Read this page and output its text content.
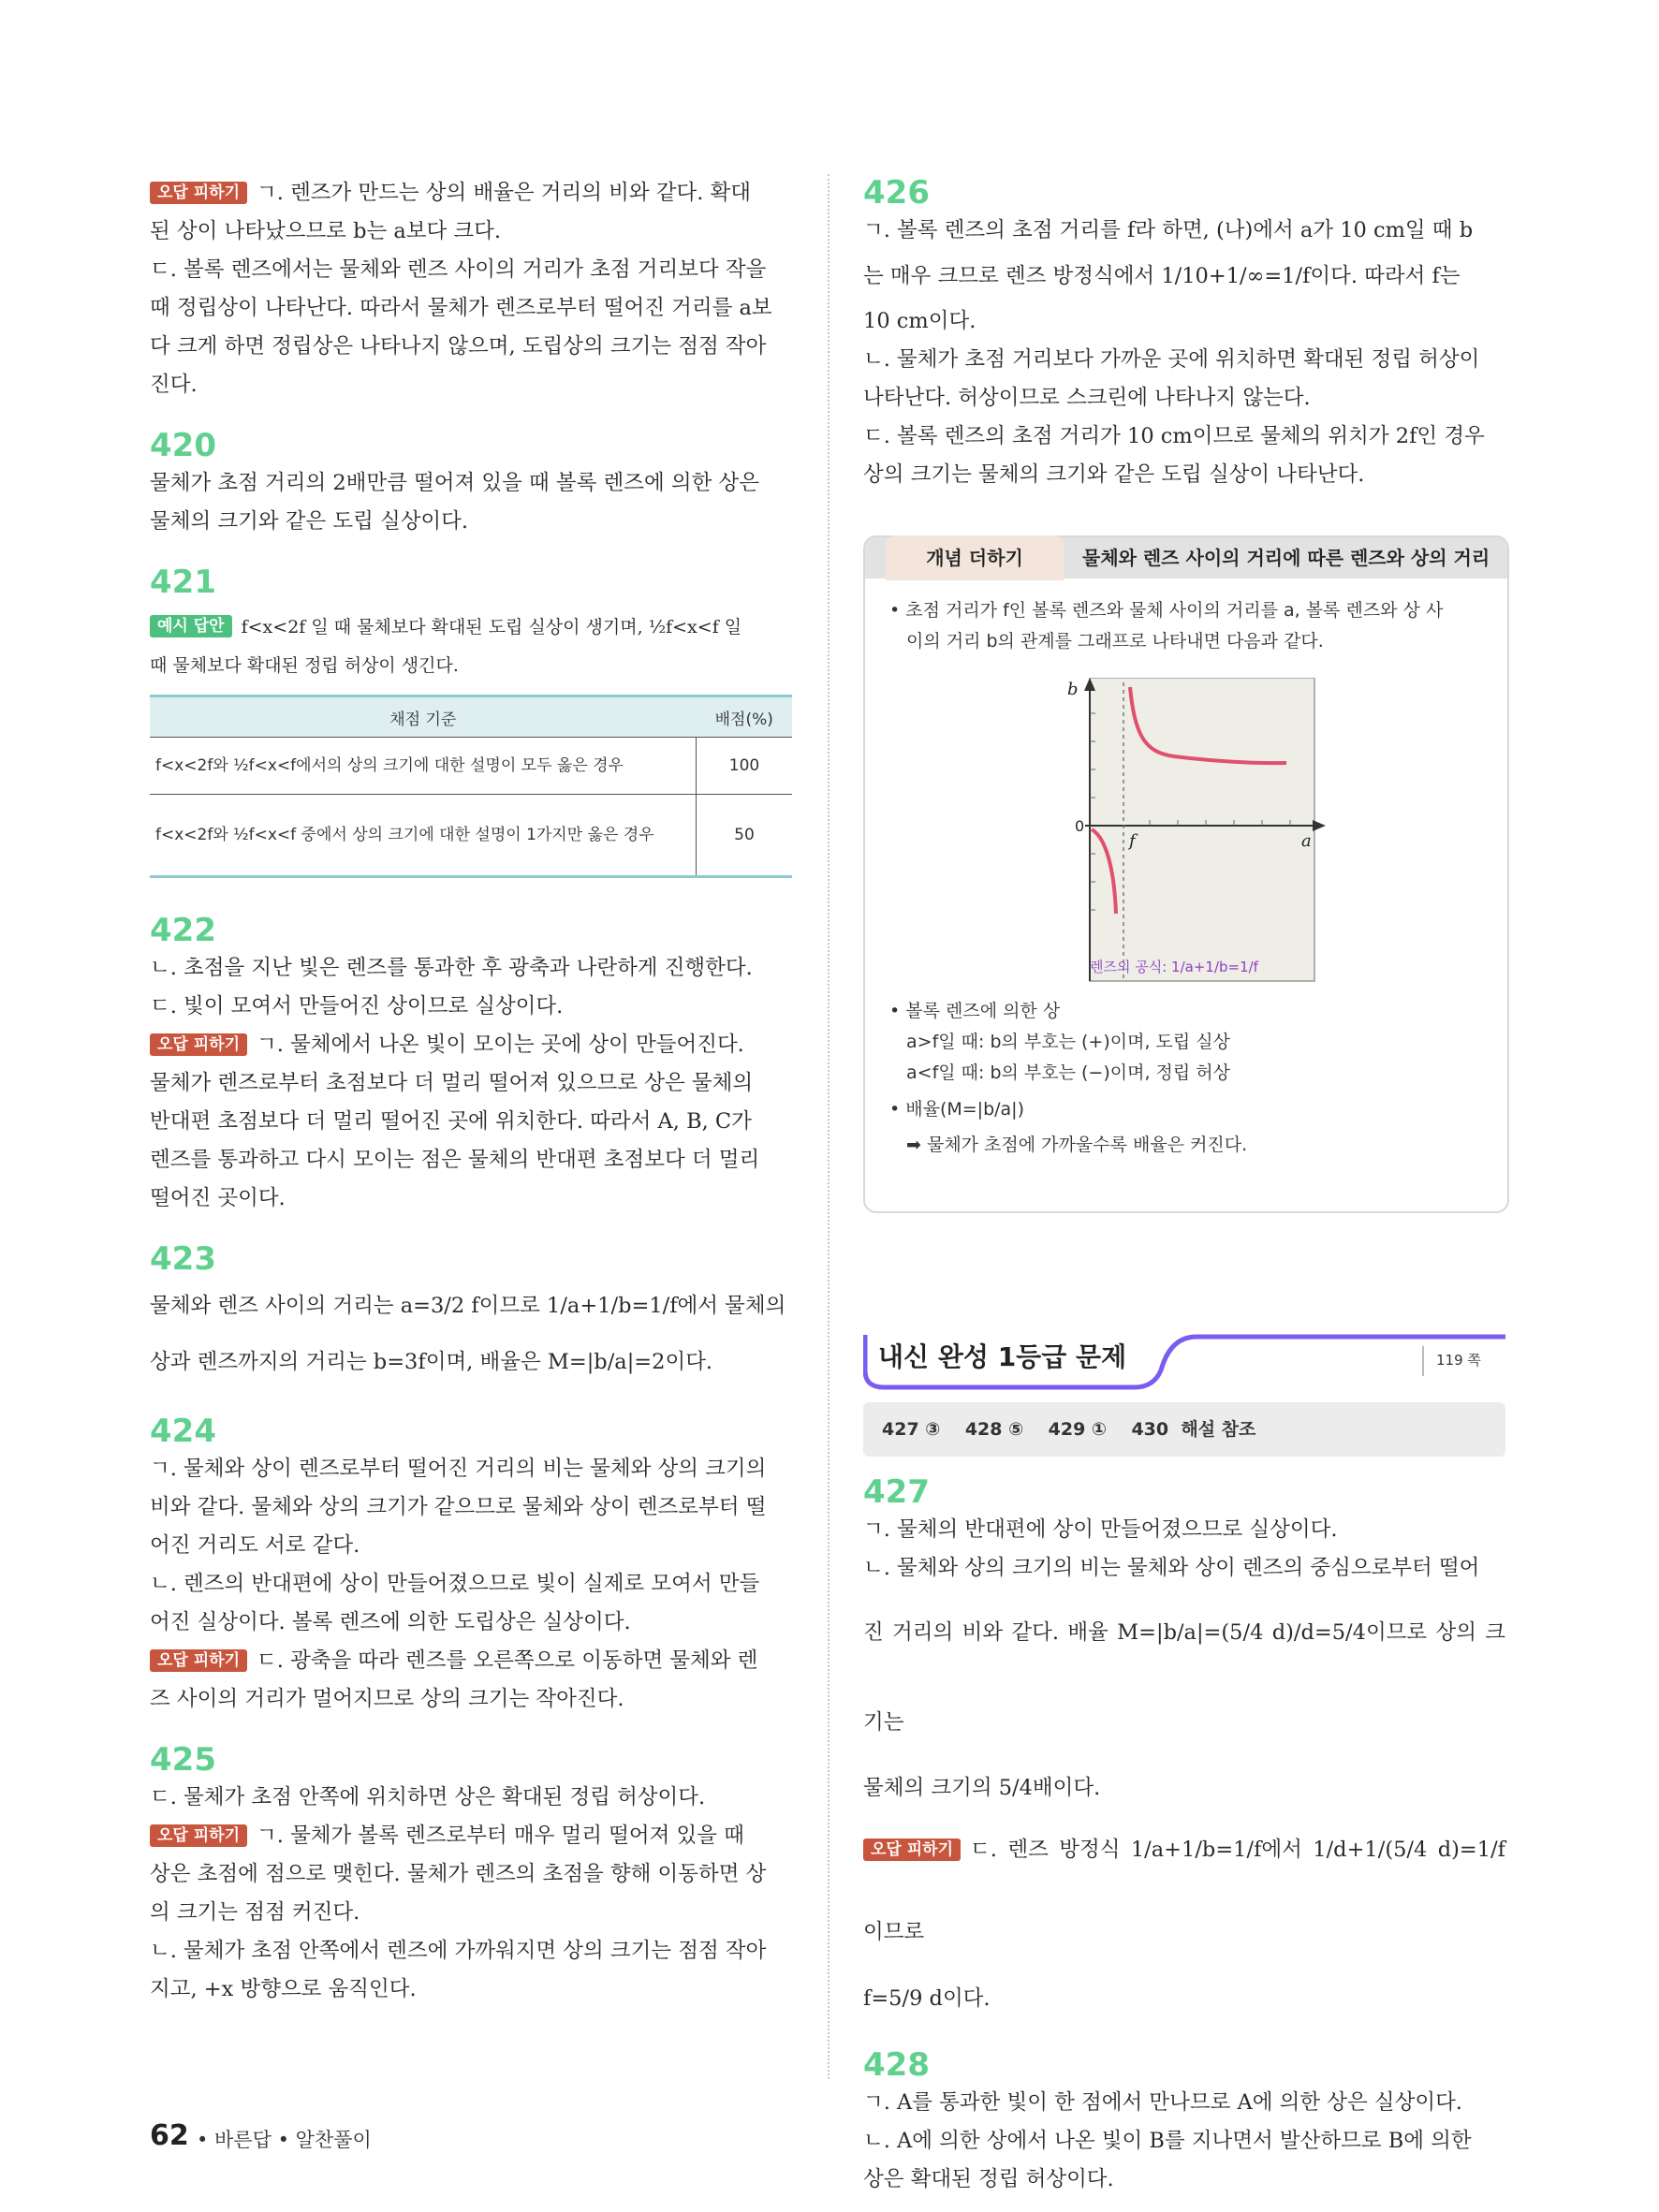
오답 피하기 ㄱ. 렌즈가 만드는 상의 배율은 거리의 비와 같다. 확대
된 상이 나타났으므로 b는 a보다 크다.
ㄷ. 볼록 렌즈에서는 물체와 렌즈 사이의 거리가 초점 거리보다 작을
때 정립상이 나타난다. 따라서 물체가 렌즈로부터 떨어진 거리를 a보
다 크게 하면 정립상은 나타나지 않으며, 도립상의 크기는 점점 작아
진다.
420
물체가 초점 거리의 2배만큼 떨어져 있을 때 볼록 렌즈에 의한 상은
물체의 크기와 같은 도립 실상이다.
421
예시 답안 f<x<2f 일 때 물체보다 확대된 도립 실상이 생기며, ½f<x<f 일
때 물체보다 확대된 정립 허상이 생긴다.
채점 기준	배점(%)
f<x<2f와 ½f<x<f에서의 상의 크기에 대한 설명이 모두 옳은 경우	100
f<x<2f와 ½f<x<f 중에서 상의 크기에 대한 설명이 1가지만 옳은 경우	50
422
ㄴ. 초점을 지난 빛은 렌즈를 통과한 후 광축과 나란하게 진행한다.
ㄷ. 빛이 모여서 만들어진 상이므로 실상이다.
오답 피하기 ㄱ. 물체에서 나온 빛이 모이는 곳에 상이 만들어진다.
물체가 렌즈로부터 초점보다 더 멀리 떨어져 있으므로 상은 물체의
반대편 초점보다 더 멀리 떨어진 곳에 위치한다. 따라서 A, B, C가
렌즈를 통과하고 다시 모이는 점은 물체의 반대편 초점보다 더 멀리
떨어진 곳이다.
423
물체와 렌즈 사이의 거리는 a=3/2 f이므로 1/a+1/b=1/f에서 물체의
상과 렌즈까지의 거리는 b=3f이며, 배율은 M=|b/a|=2이다.
424
ㄱ. 물체와 상이 렌즈로부터 떨어진 거리의 비는 물체와 상의 크기의
비와 같다. 물체와 상의 크기가 같으므로 물체와 상이 렌즈로부터 떨
어진 거리도 서로 같다.
ㄴ. 렌즈의 반대편에 상이 만들어졌으므로 빛이 실제로 모여서 만들
어진 실상이다. 볼록 렌즈에 의한 도립상은 실상이다.
오답 피하기 ㄷ. 광축을 따라 렌즈를 오른쪽으로 이동하면 물체와 렌
즈 사이의 거리가 멀어지므로 상의 크기는 작아진다.
425
ㄷ. 물체가 초점 안쪽에 위치하면 상은 확대된 정립 허상이다.
오답 피하기 ㄱ. 물체가 볼록 렌즈로부터 매우 멀리 떨어져 있을 때
상은 초점에 점으로 맺힌다. 물체가 렌즈의 초점을 향해 이동하면 상
의 크기는 점점 커진다.
ㄴ. 물체가 초점 안쪽에서 렌즈에 가까워지면 상의 크기는 점점 작아
지고, +x 방향으로 움직인다.
426
ㄱ. 볼록 렌즈의 초점 거리를 f라 하면, (나)에서 a가 10 cm일 때 b
는 매우 크므로 렌즈 방정식에서 1/10+1/∞=1/f이다. 따라서 f는
10 cm이다.
ㄴ. 물체가 초점 거리보다 가까운 곳에 위치하면 확대된 정립 허상이
나타난다. 허상이므로 스크린에 나타나지 않는다.
ㄷ. 볼록 렌즈의 초점 거리가 10 cm이므로 물체의 위치가 2f인 경우
상의 크기는 물체의 크기와 같은 도립 실상이 나타난다.
개념 더하기	물체와 렌즈 사이의 거리에 따른 렌즈와 상의 거리
• 초점 거리가 f인 볼록 렌즈와 물체 사이의 거리를 a, 볼록 렌즈와 상 사
이의 거리 b의 관계를 그래프로 나타내면 다음과 같다.
b
0
f	a
렌즈의 공식: 1/a+1/b=1/f
• 볼록 렌즈에 의한 상
a>f일 때: b의 부호는 (+)이며, 도립 실상
a<f일 때: b의 부호는 (−)이며, 정립 허상
• 배율(M=|b/a|)
➡ 물체가 초점에 가까울수록 배율은 커진다.
내신 완성 1등급 문제	119 쪽
427 ③    428 ⑤    429 ①    430  해설 참조
427
ㄱ. 물체의 반대편에 상이 만들어졌으므로 실상이다.
ㄴ. 물체와 상의 크기의 비는 물체와 상이 렌즈의 중심으로부터 떨어
진 거리의 비와 같다. 배율 M=|b/a|=(5/4 d)/d=5/4이므로 상의 크기는
물체의 크기의 5/4배이다.
오답 피하기 ㄷ. 렌즈 방정식 1/a+1/b=1/f에서 1/d+1/(5/4 d)=1/f이므로
f=5/9 d이다.
428
ㄱ. A를 통과한 빛이 한 점에서 만나므로 A에 의한 상은 실상이다.
ㄴ. A에 의한 상에서 나온 빛이 B를 지나면서 발산하므로 B에 의한
상은 확대된 정립 허상이다.
62 • 바른답 • 알찬풀이
